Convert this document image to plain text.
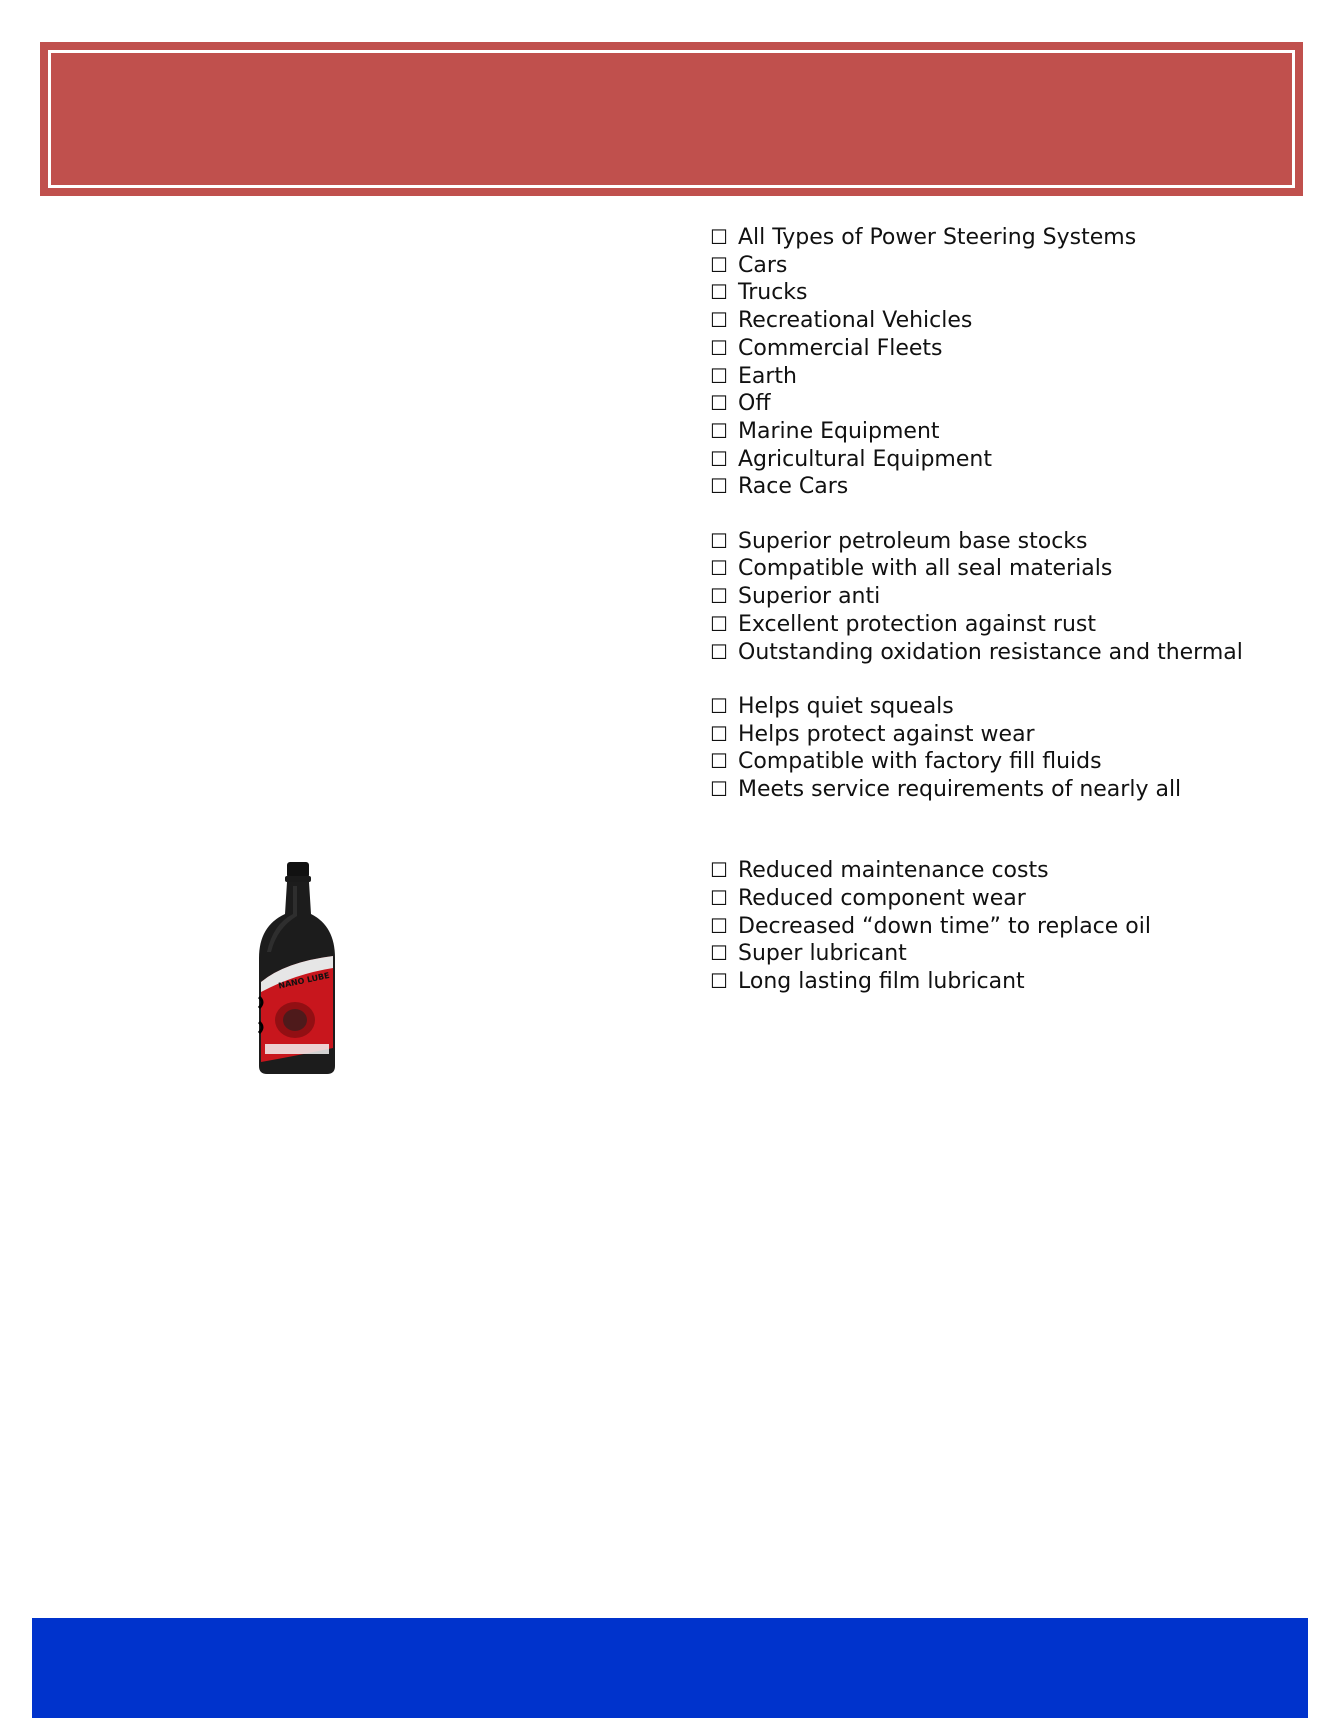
☐ All Types of Power Steering Systems
☐ Cars
☐ Trucks
☐ Recreational Vehicles
☐ Commercial Fleets
☐ Earth
☐ Off
☐ Marine Equipment
☐ Agricultural Equipment
☐ Race Cars
☐ Superior petroleum base stocks
☐ Compatible with all seal materials
☐ Superior anti
☐ Excellent protection against rust
☐ Outstanding oxidation resistance and thermal
☐ Helps quiet squeals
☐ Helps protect against wear
☐ Compatible with factory fill fluids
☐ Meets service requirements of nearly all
☐ Reduced maintenance costs
☐ Reduced component wear
☐ Decreased “down time” to replace oil
☐ Super lubricant
☐ Long lasting film lubricant
NANO LUBE
